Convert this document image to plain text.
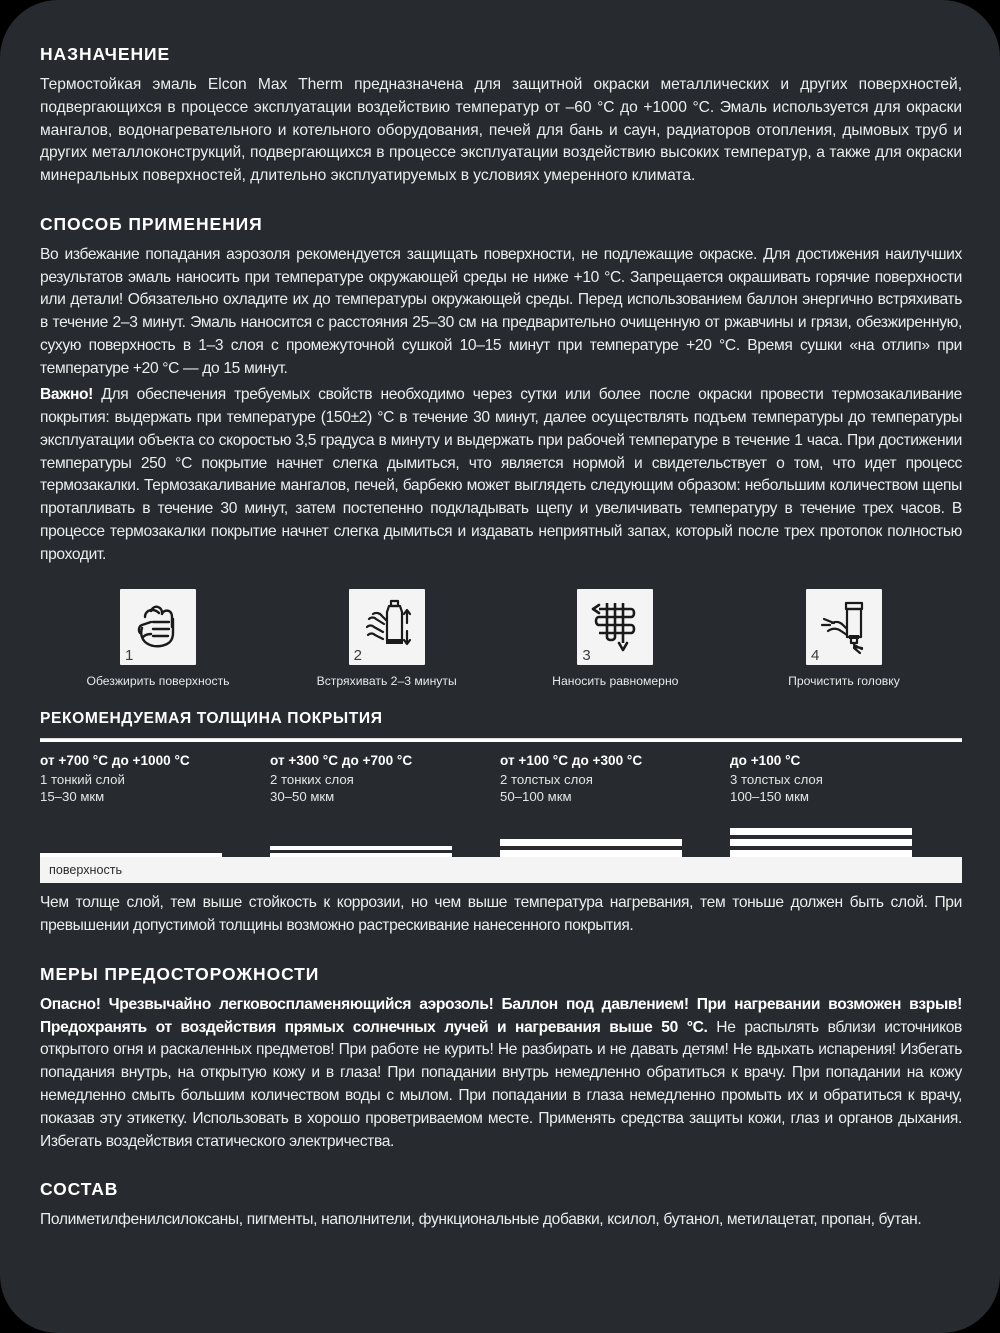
НАЗНАЧЕНИЕ

Термостойкая эмаль Elcon Max Therm предназначена для защитной окраски металлических и других поверхностей, подвергающихся в процессе эксплуатации воздействию температур от –60 °С до +1000 °С. Эмаль используется для окраски мангалов, водонагревательного и котельного оборудования, печей для бань и саун, радиаторов отопления, дымовых труб и других металлоконструкций, подвергающихся в процессе эксплуатации воздействию высоких температур, а также для окраски минеральных поверхностей, длительно эксплуатируемых в условиях умеренного климата.

СПОСОБ ПРИМЕНЕНИЯ

Во избежание попадания аэрозоля рекомендуется защищать поверхности, не подлежащие окраске. Для достижения наилучших результатов эмаль наносить при температуре окружающей среды не ниже +10 °С. Запрещается окрашивать горячие поверхности или детали! Обязательно охладите их до температуры окружающей среды. Перед использованием баллон энергично встряхивать в течение 2–3 минут. Эмаль наносится с расстояния 25–30 см на предварительно очищенную от ржавчины и грязи, обезжиренную, сухую поверхность в 1–3 слоя с промежуточной сушкой 10–15 минут при температуре +20 °С. Время сушки «на отлип» при температуре +20 °С — до 15 минут.

Важно! Для обеспечения требуемых свойств необходимо через сутки или более после окраски провести термозакаливание покрытия: выдержать при температуре (150±2) °С в течение 30 минут, далее осуществлять подъем температуры до температуры эксплуатации объекта со скоростью 3,5 градуса в минуту и выдержать при рабочей температуре в течение 1 часа. При достижении температуры 250 °С покрытие начнет слегка дымиться, что является нормой и свидетельствует о том, что идет процесс термозакалки. Термозакаливание мангалов, печей, барбекю может выглядеть следующим образом: небольшим количеством щепы протапливать в течение 30 минут, затем постепенно подкладывать щепу и увеличивать температуру в течение трех часов. В процессе термозакалки покрытие начнет слегка дымиться и издавать неприятный запах, который после трех протопок полностью проходит.

1
Обезжирить поверхность
2
Встряхивать 2–3 минуты
3
Наносить равномерно
4
Прочистить головку
РЕКОМЕНДУЕМАЯ ТОЛЩИНА ПОКРЫТИЯ
от +700 °С до +1000 °С
1 тонкий слой
15–30 мкм
от +300 °С до +700 °С
2 тонких слоя
30–50 мкм
от +100 °С до +300 °С
2 толстых слоя
50–100 мкм
до +100 °С
3 толстых слоя
100–150 мкм
поверхность

Чем толще слой, тем выше стойкость к коррозии, но чем выше температура нагревания, тем тоньше должен быть слой. При превышении допустимой толщины возможно растрескивание нанесенного покрытия.

МЕРЫ ПРЕДОСТОРОЖНОСТИ

Опасно! Чрезвычайно легковоспламеняющийся аэрозоль! Баллон под давлением! При нагревании возможен взрыв! Предохранять от воздействия прямых солнечных лучей и нагревания выше 50 °С. Не распылять вблизи источников открытого огня и раскаленных предметов! При работе не курить! Не разбирать и не давать детям! Не вдыхать испарения! Избегать попадания внутрь, на открытую кожу и в глаза! При попадании внутрь немедленно обратиться к врачу. При попадании на кожу немедленно смыть большим количеством воды с мылом. При попадании в глаза немедленно промыть их и обратиться к врачу, показав эту этикетку. Использовать в хорошо проветриваемом месте. Применять средства защиты кожи, глаз и органов дыхания. Избегать воздействия статического электричества.

СОСТАВ

Полиметилфенилсилоксаны, пигменты, наполнители, функциональные добавки, ксилол, бутанол, метилацетат, пропан, бутан.
